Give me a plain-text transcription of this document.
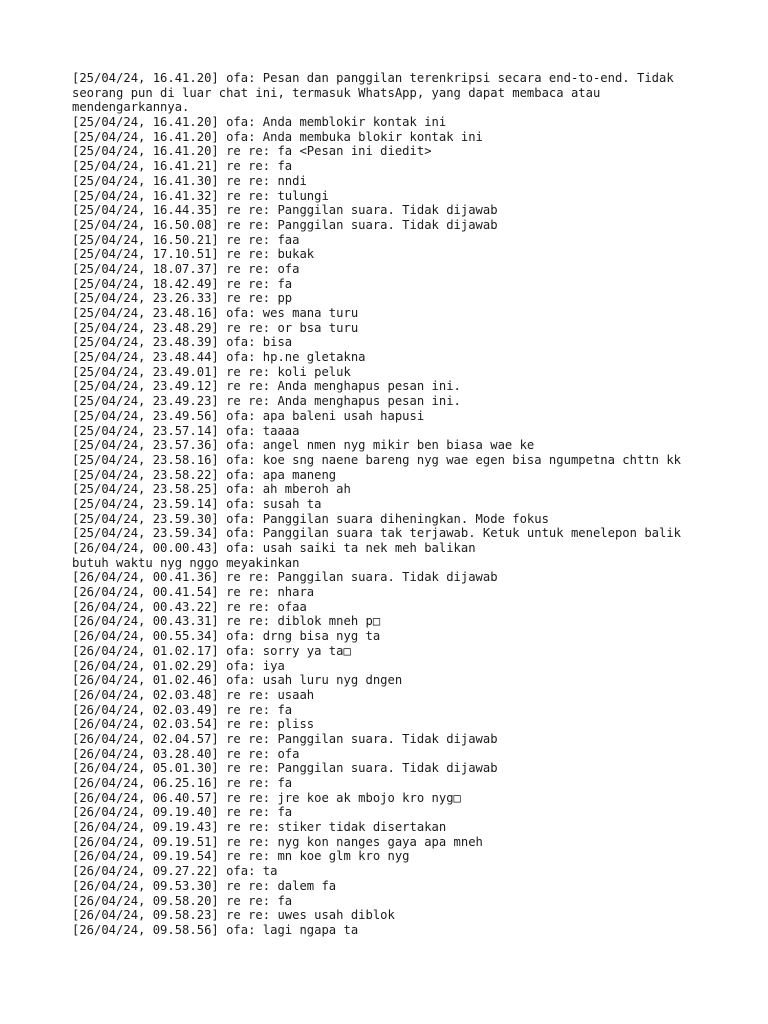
[25/04/24, 16.41.20] ofa: Pesan dan panggilan terenkripsi secara end-to-end. Tidak
seorang pun di luar chat ini, termasuk WhatsApp, yang dapat membaca atau
mendengarkannya.
[25/04/24, 16.41.20] ofa: Anda memblokir kontak ini
[25/04/24, 16.41.20] ofa: Anda membuka blokir kontak ini
[25/04/24, 16.41.20] re re: fa <Pesan ini diedit>
[25/04/24, 16.41.21] re re: fa
[25/04/24, 16.41.30] re re: nndi
[25/04/24, 16.41.32] re re: tulungi
[25/04/24, 16.44.35] re re: Panggilan suara. Tidak dijawab
[25/04/24, 16.50.08] re re: Panggilan suara. Tidak dijawab
[25/04/24, 16.50.21] re re: faa
[25/04/24, 17.10.51] re re: bukak
[25/04/24, 18.07.37] re re: ofa
[25/04/24, 18.42.49] re re: fa
[25/04/24, 23.26.33] re re: pp
[25/04/24, 23.48.16] ofa: wes mana turu
[25/04/24, 23.48.29] re re: or bsa turu
[25/04/24, 23.48.39] ofa: bisa
[25/04/24, 23.48.44] ofa: hp.ne gletakna
[25/04/24, 23.49.01] re re: koli peluk
[25/04/24, 23.49.12] re re: Anda menghapus pesan ini.
[25/04/24, 23.49.23] re re: Anda menghapus pesan ini.
[25/04/24, 23.49.56] ofa: apa baleni usah hapusi
[25/04/24, 23.57.14] ofa: taaaa
[25/04/24, 23.57.36] ofa: angel nmen nyg mikir ben biasa wae ke
[25/04/24, 23.58.16] ofa: koe sng naene bareng nyg wae egen bisa ngumpetna chttn kk
[25/04/24, 23.58.22] ofa: apa maneng
[25/04/24, 23.58.25] ofa: ah mberoh ah
[25/04/24, 23.59.14] ofa: susah ta
[25/04/24, 23.59.30] ofa: Panggilan suara diheningkan. Mode fokus
[25/04/24, 23.59.34] ofa: Panggilan suara tak terjawab. Ketuk untuk menelepon balik
[26/04/24, 00.00.43] ofa: usah saiki ta nek meh balikan
butuh waktu nyg nggo meyakinkan
[26/04/24, 00.41.36] re re: Panggilan suara. Tidak dijawab
[26/04/24, 00.41.54] re re: nhara
[26/04/24, 00.43.22] re re: ofaa
[26/04/24, 00.43.31] re re: diblok mneh p□
[26/04/24, 00.55.34] ofa: drng bisa nyg ta
[26/04/24, 01.02.17] ofa: sorry ya ta□
[26/04/24, 01.02.29] ofa: iya
[26/04/24, 01.02.46] ofa: usah luru nyg dngen
[26/04/24, 02.03.48] re re: usaah
[26/04/24, 02.03.49] re re: fa
[26/04/24, 02.03.54] re re: pliss
[26/04/24, 02.04.57] re re: Panggilan suara. Tidak dijawab
[26/04/24, 03.28.40] re re: ofa
[26/04/24, 05.01.30] re re: Panggilan suara. Tidak dijawab
[26/04/24, 06.25.16] re re: fa
[26/04/24, 06.40.57] re re: jre koe ak mbojo kro nyg□
[26/04/24, 09.19.40] re re: fa
[26/04/24, 09.19.43] re re: stiker tidak disertakan
[26/04/24, 09.19.51] re re: nyg kon nanges gaya apa mneh
[26/04/24, 09.19.54] re re: mn koe glm kro nyg
[26/04/24, 09.27.22] ofa: ta
[26/04/24, 09.53.30] re re: dalem fa
[26/04/24, 09.58.20] re re: fa
[26/04/24, 09.58.23] re re: uwes usah diblok
[26/04/24, 09.58.56] ofa: lagi ngapa ta
